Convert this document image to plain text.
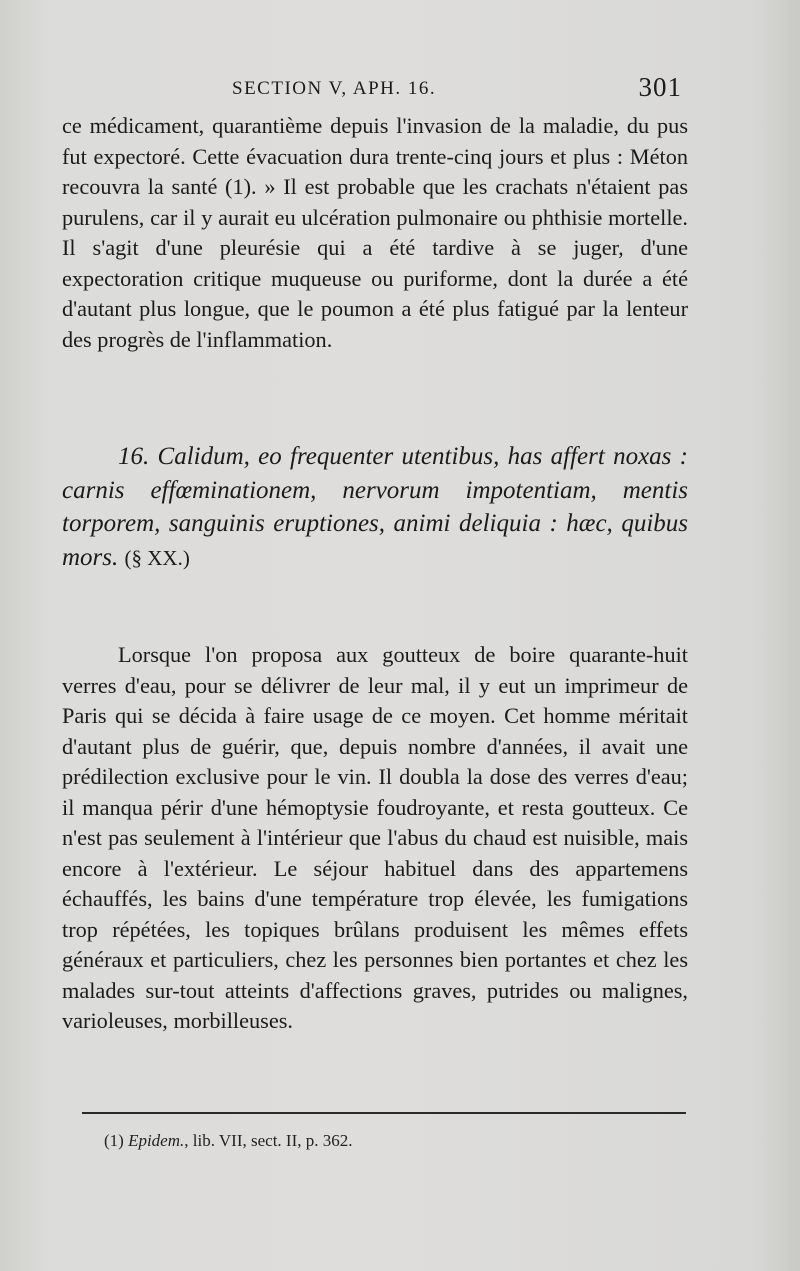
SECTION V, APH. 16.	301

ce médicament, quarantième depuis l'invasion de la maladie, du pus fut expectoré. Cette évacuation dura trente-cinq jours et plus : Méton recouvra la santé (1). » Il est probable que les crachats n'étaient pas purulens, car il y aurait eu ulcération pulmonaire ou phthisie mortelle. Il s'agit d'une pleurésie qui a été tardive à se juger, d'une expectoration critique muqueuse ou puriforme, dont la durée a été d'autant plus longue, que le poumon a été plus fatigué par la lenteur des progrès de l'inflammation.

16. Calidum, eo frequenter utentibus, has affert noxas : carnis effœminationem, nervorum impotentiam, mentis torporem, sanguinis eruptiones, animi deliquia : hæc, quibus mors. (§ XX.)

Lorsque l'on proposa aux goutteux de boire quarante-huit verres d'eau, pour se délivrer de leur mal, il y eut un imprimeur de Paris qui se décida à faire usage de ce moyen. Cet homme méritait d'autant plus de guérir, que, depuis nombre d'années, il avait une prédilection exclusive pour le vin. Il doubla la dose des verres d'eau; il manqua périr d'une hémoptysie foudroyante, et resta goutteux. Ce n'est pas seulement à l'intérieur que l'abus du chaud est nuisible, mais encore à l'extérieur. Le séjour habituel dans des appartemens échauffés, les bains d'une température trop élevée, les fumigations trop répétées, les topiques brûlans produisent les mêmes effets généraux et particuliers, chez les personnes bien portantes et chez les malades sur-tout atteints d'affections graves, putrides ou malignes, varioleuses, morbilleuses.

(1) Epidem., lib. VII, sect. II, p. 362.
